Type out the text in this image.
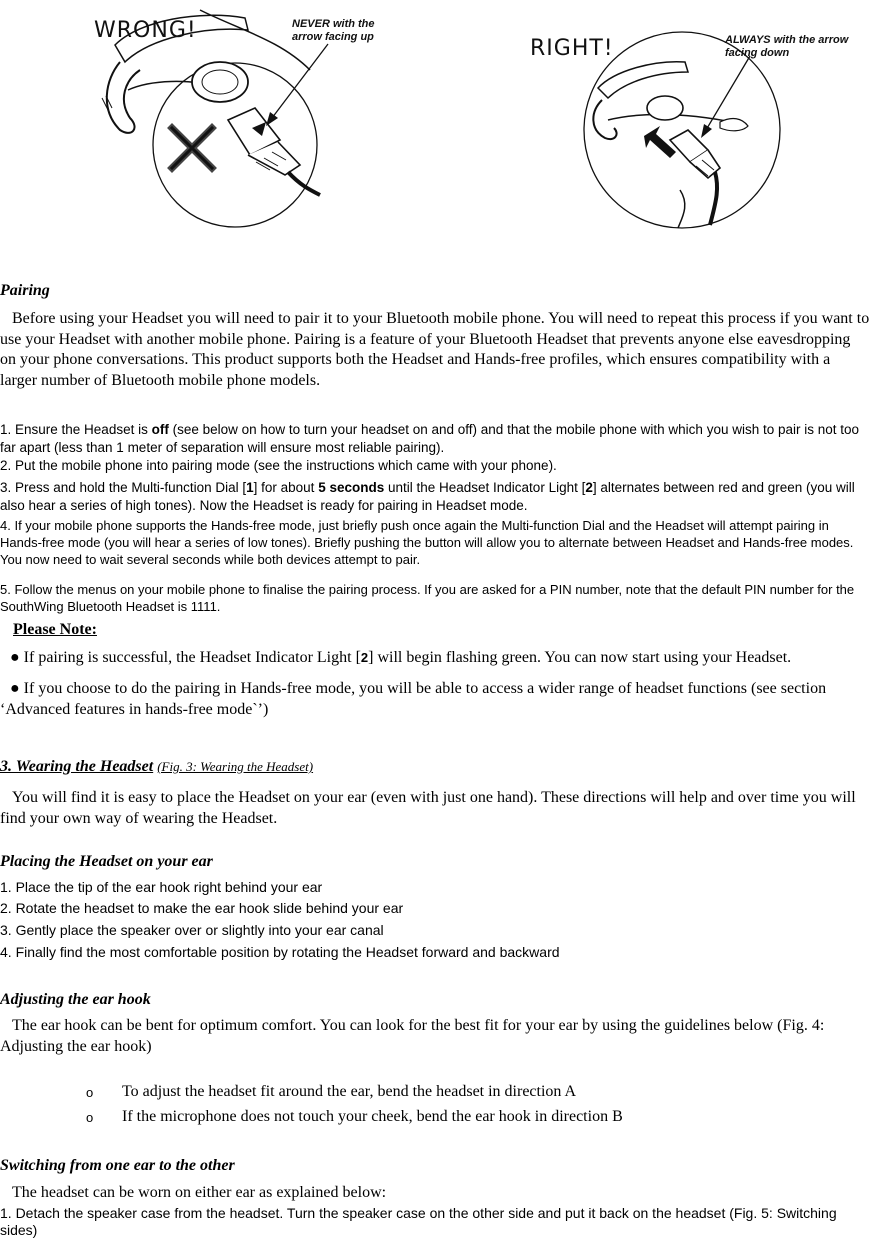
WRONG!	NEVER with the arrow facing up	RIGHT!	ALWAYS with the arrow facing down
Pairing
Before using your Headset you will need to pair it to your Bluetooth mobile phone. You will need to repeat this process if you want to use your Headset with another mobile phone. Pairing is a feature of your Bluetooth Headset that prevents anyone else eavesdropping on your phone conversations. This product supports both the Headset and Hands-free profiles, which ensures compatibility with a larger number of Bluetooth mobile phone models.
1. Ensure the Headset is off (see below on how to turn your headset on and off) and that the mobile phone with which you wish to pair is not too far apart (less than 1 meter of separation will ensure most reliable pairing).
2. Put the mobile phone into pairing mode (see the instructions which came with your phone).
3. Press and hold the Multi-function Dial [1] for about 5 seconds until the Headset Indicator Light [2] alternates between red and green (you will also hear a series of high tones). Now the Headset is ready for pairing in Headset mode.
4. If your mobile phone supports the Hands-free mode, just briefly push once again the Multi-function Dial and the Headset will attempt pairing in Hands-free mode (you will hear a series of low tones). Briefly pushing the button will allow you to alternate between Headset and Hands-free modes. You now need to wait several seconds while both devices attempt to pair.
5. Follow the menus on your mobile phone to finalise the pairing process. If you are asked for a PIN number, note that the default PIN number for the SouthWing Bluetooth Headset is 1111.
Please Note:
● If pairing is successful, the Headset Indicator Light [2] will begin flashing green. You can now start using your Headset.
● If you choose to do the pairing in Hands-free mode, you will be able to access a wider range of headset functions (see section ‘Advanced features in hands-free mode`’)
3. Wearing the Headset (Fig. 3: Wearing the Headset)
You will find it is easy to place the Headset on your ear (even with just one hand). These directions will help and over time you will find your own way of wearing the Headset.
Placing the Headset on your ear
1. Place the tip of the ear hook right behind your ear
2. Rotate the headset to make the ear hook slide behind your ear
3. Gently place the speaker over or slightly into your ear canal
4. Finally find the most comfortable position by rotating the Headset forward and backward
Adjusting the ear hook
The ear hook can be bent for optimum comfort. You can look for the best fit for your ear by using the guidelines below (Fig. 4: Adjusting the ear hook)
o To adjust the headset fit around the ear, bend the headset in direction A
o If the microphone does not touch your cheek, bend the ear hook in direction B
Switching from one ear to the other
The headset can be worn on either ear as explained below:
1. Detach the speaker case from the headset. Turn the speaker case on the other side and put it back on the headset (Fig. 5: Switching sides)
